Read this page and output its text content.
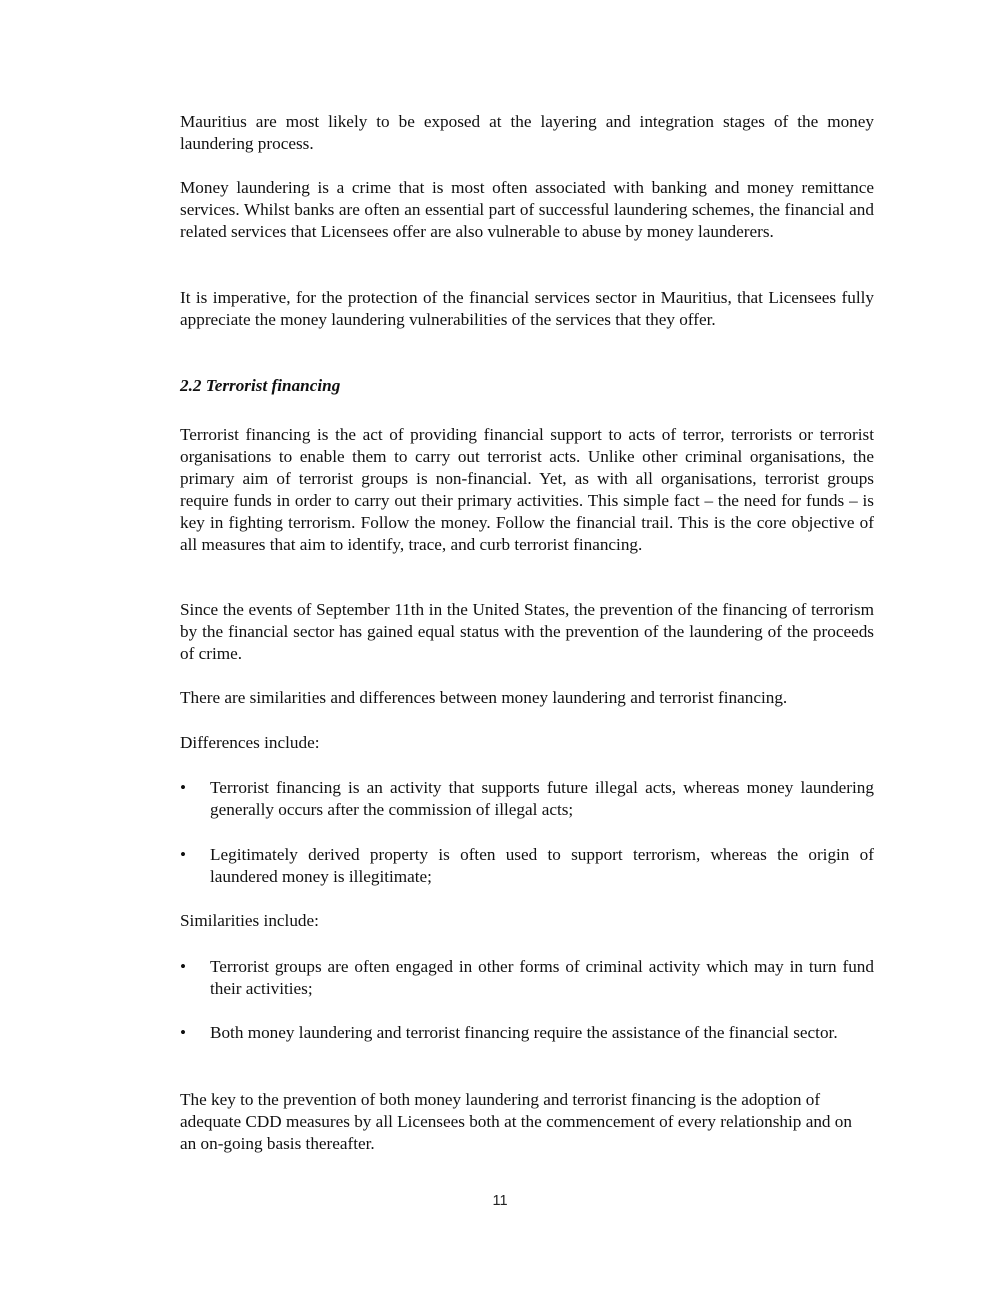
Mauritius are most likely to be exposed at the layering and integration stages of the money laundering process.
Money laundering is a crime that is most often associated with banking and money remittance services. Whilst banks are often an essential part of successful laundering schemes, the financial and related services that Licensees offer are also vulnerable to abuse by money launderers.
It is imperative, for the protection of the financial services sector in Mauritius, that Licensees fully appreciate the money laundering vulnerabilities of the services that they offer.
2.2 Terrorist financing
Terrorist financing is the act of providing financial support to acts of terror, terrorists or terrorist organisations to enable them to carry out terrorist acts. Unlike other criminal organisations, the primary aim of terrorist groups is non-financial. Yet, as with all organisations, terrorist groups require funds in order to carry out their primary activities. This simple fact – the need for funds – is key in fighting terrorism. Follow the money. Follow the financial trail. This is the core objective of all measures that aim to identify, trace, and curb terrorist financing.
Since the events of September 11th in the United States, the prevention of the financing of terrorism by the financial sector has gained equal status with the prevention of the laundering of the proceeds of crime.
There are similarities and differences between money laundering and terrorist financing.
Differences include:
•	Terrorist financing is an activity that supports future illegal acts, whereas money laundering generally occurs after the commission of illegal acts;
•	Legitimately derived property is often used to support terrorism, whereas the origin of laundered money is illegitimate;
Similarities include:
•	Terrorist groups are often engaged in other forms of criminal activity which may in turn fund their activities;
•	Both money laundering and terrorist financing require the assistance of the financial sector.
The key to the prevention of both money laundering and terrorist financing is the adoption of adequate CDD measures by all Licensees both at the commencement of every relationship and on an on-going basis thereafter.
11
